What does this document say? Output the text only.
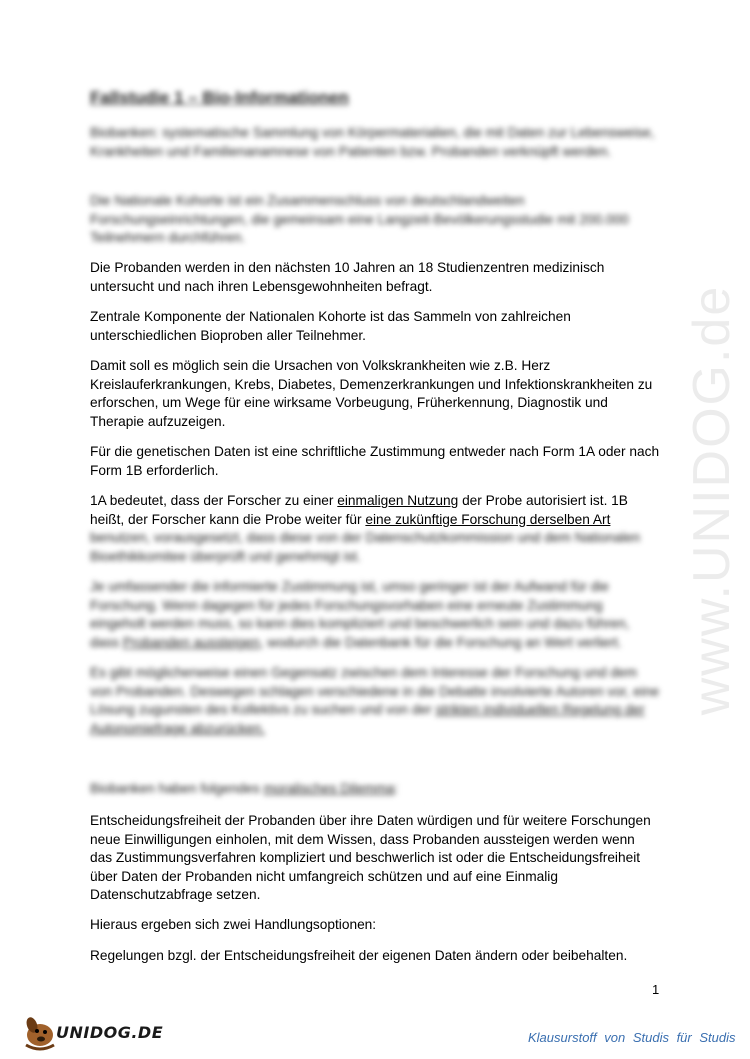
www.UNIDOG.de
Fallstudie 1 – Bio-Informationen

Biobanken: systematische Sammlung von Körpermaterialien, die mit Daten zur Lebensweise, Krankheiten und Familienanamnese von Patienten bzw. Probanden verknüpft werden.

Die Nationale Kohorte ist ein Zusammenschluss von deutschlandweiten Forschungseinrichtungen, die gemeinsam eine Langzeit-Bevölkerungsstudie mit 200.000 Teilnehmern durchführen.

Die Probanden werden in den nächsten 10 Jahren an 18 Studienzentren medizinisch untersucht und nach ihren Lebensgewohnheiten befragt.

Zentrale Komponente der Nationalen Kohorte ist das Sammeln von zahlreichen unterschiedlichen Bioproben aller Teilnehmer.

Damit soll es möglich sein die Ursachen von Volkskrankheiten wie z.B. Herz Kreislauferkrankungen, Krebs, Diabetes, Demenzerkrankungen und Infektionskrankheiten zu erforschen, um Wege für eine wirksame Vorbeugung, Früherkennung, Diagnostik und Therapie aufzuzeigen.

Für die genetischen Daten ist eine schriftliche Zustimmung entweder nach Form 1A oder nach Form 1B erforderlich.

1A bedeutet, dass der Forscher zu einer einmaligen Nutzung der Probe autorisiert ist. 1B heißt, der Forscher kann die Probe weiter für eine zukünftige Forschung derselben Art

benutzen, vorausgesetzt, dass diese von der Datenschutzkommission und dem Nationalen Bioethikkomitee überprüft und genehmigt ist.

Je umfassender die informierte Zustimmung ist, umso geringer ist der Aufwand für die Forschung. Wenn dagegen für jedes Forschungsvorhaben eine erneute Zustimmung eingeholt werden muss, so kann dies kompliziert und beschwerlich sein und dazu führen, dass Probanden aussteigen, wodurch die Datenbank für die Forschung an Wert verliert.

Es gibt möglicherweise einen Gegensatz zwischen dem Interesse der Forschung und dem von Probanden. Deswegen schlagen verschiedene in die Debatte involvierte Autoren vor, eine Lösung zugunsten des Kollektivs zu suchen und von der strikten individuellen Regelung der Autonomiefrage abzurücken.

Biobanken haben folgendes moralisches Dilemma:

Entscheidungsfreiheit der Probanden über ihre Daten würdigen und für weitere Forschungen neue Einwilligungen einholen, mit dem Wissen, dass Probanden aussteigen werden wenn das Zustimmungsverfahren kompliziert und beschwerlich ist oder die Entscheidungsfreiheit über Daten der Probanden nicht umfangreich schützen und auf eine Einmalig Datenschutzabfrage setzen.

Hieraus ergeben sich zwei Handlungsoptionen:

Regelungen bzgl. der Entscheidungsfreiheit der eigenen Daten ändern oder beibehalten.

1
UNIDOG.DE	Klausurstoff von Studis für Studis
